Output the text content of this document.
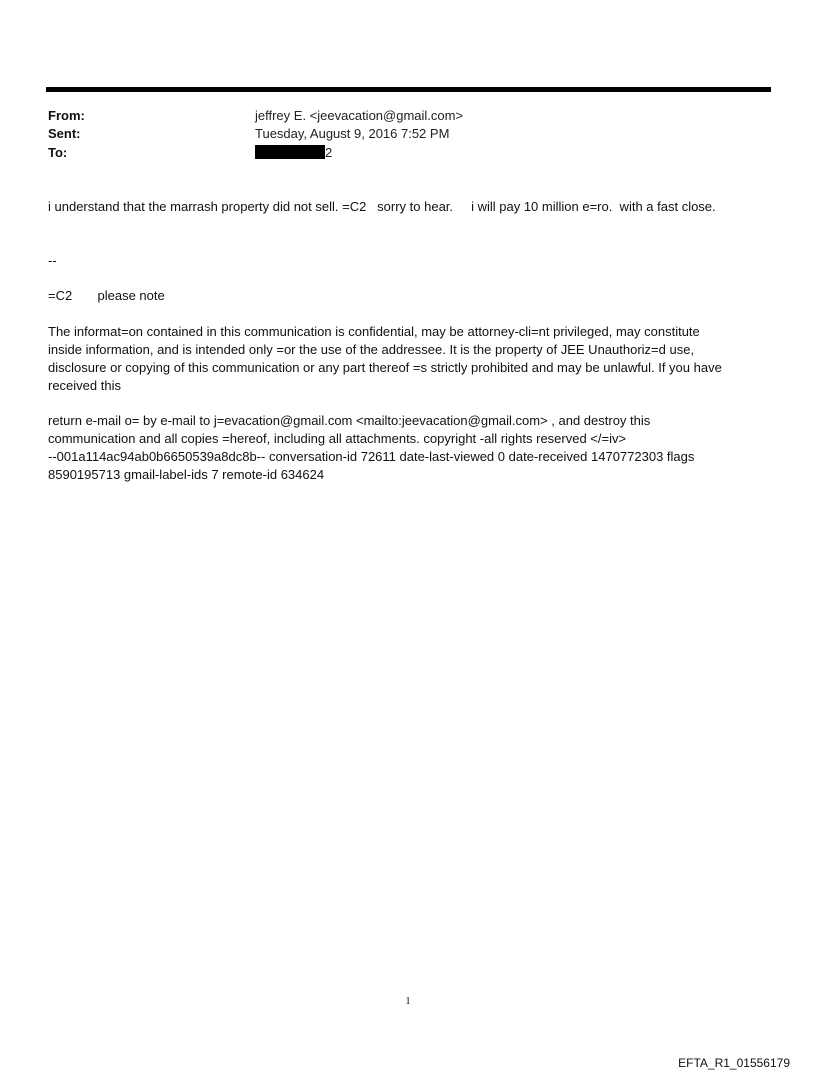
From:	jeffrey E. <jeevacation@gmail.com>
Sent:	Tuesday, August 9, 2016 7:52 PM
To:	2
i understand that the marrash property did not sell. =C2   sorry to hear.     i will pay 10 million e=ro.  with a fast close.
--
=C2       please note
The informat=on contained in this communication is confidential, may be attorney-cli=nt privileged, may constitute
inside information, and is intended only =or the use of the addressee. It is the property of JEE Unauthoriz=d use,
disclosure or copying of this communication or any part thereof =s strictly prohibited and may be unlawful. If you have
received this
return e-mail o= by e-mail to j=evacation@gmail.com <mailto:jeevacation@gmail.com> , and destroy this
communication and all copies =hereof, including all attachments. copyright -all rights reserved </=iv>
--001a114ac94ab0b6650539a8dc8b-- conversation-id 72611 date-last-viewed 0 date-received 1470772303 flags
8590195713 gmail-label-ids 7 remote-id 634624
1
EFTA_R1_01556179
